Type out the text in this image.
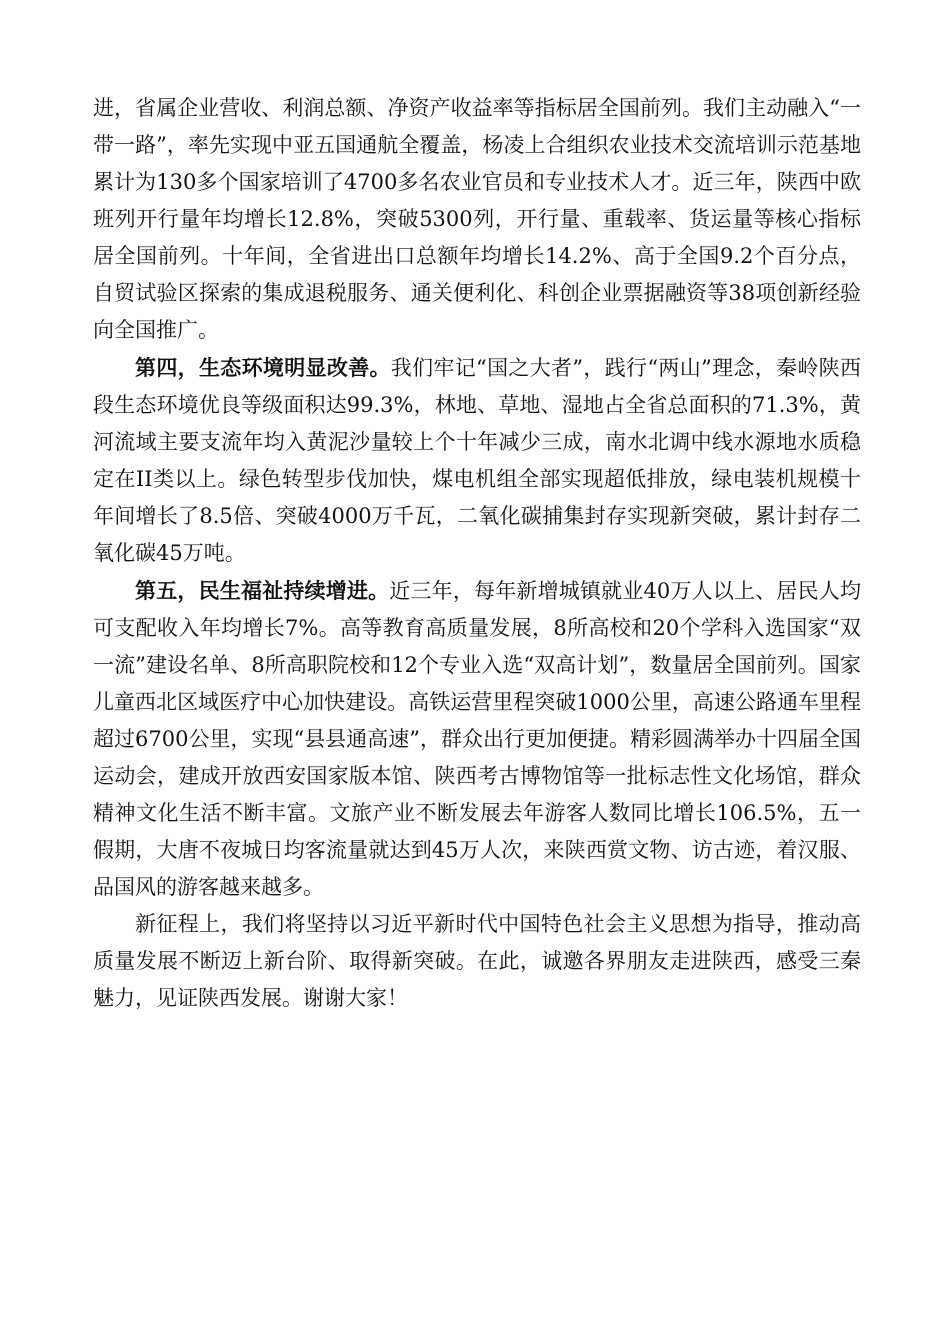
进，省属企业营收、利润总额、净资产收益率等指标居全国前列。我们主动融入“一带一路”，率先实现中亚五国通航全覆盖，杨凌上合组织农业技术交流培训示范基地累计为130多个国家培训了4700多名农业官员和专业技术人才。近三年，陕西中欧班列开行量年均增长12.8%，突破5300列，开行量、重载率、货运量等核心指标居全国前列。十年间，全省进出口总额年均增长14.2%、高于全国9.2个百分点，自贸试验区探索的集成退税服务、通关便利化、科创企业票据融资等38项创新经验向全国推广。

第四，生态环境明显改善。我们牢记“国之大者”，践行“两山”理念，秦岭陕西段生态环境优良等级面积达99.3%，林地、草地、湿地占全省总面积的71.3%，黄河流域主要支流年均入黄泥沙量较上个十年减少三成，南水北调中线水源地水质稳定在II类以上。绿色转型步伐加快，煤电机组全部实现超低排放，绿电装机规模十年间增长了8.5倍、突破4000万千瓦，二氧化碳捕集封存实现新突破，累计封存二氧化碳45万吨。

第五，民生福祉持续增进。近三年，每年新增城镇就业40万人以上、居民人均可支配收入年均增长7%。高等教育高质量发展，8所高校和20个学科入选国家“双一流”建设名单、8所高职院校和12个专业入选“双高计划”，数量居全国前列。国家儿童西北区域医疗中心加快建设。高铁运营里程突破1000公里，高速公路通车里程超过6700公里，实现“县县通高速”，群众出行更加便捷。精彩圆满举办十四届全国运动会，建成开放西安国家版本馆、陕西考古博物馆等一批标志性文化场馆，群众精神文化生活不断丰富。文旅产业不断发展去年游客人数同比增长106.5%，五一假期，大唐不夜城日均客流量就达到45万人次，来陕西赏文物、访古迹，着汉服、品国风的游客越来越多。

新征程上，我们将坚持以习近平新时代中国特色社会主义思想为指导，推动高质量发展不断迈上新台阶、取得新突破。在此，诚邀各界朋友走进陕西，感受三秦魅力，见证陕西发展。谢谢大家！
